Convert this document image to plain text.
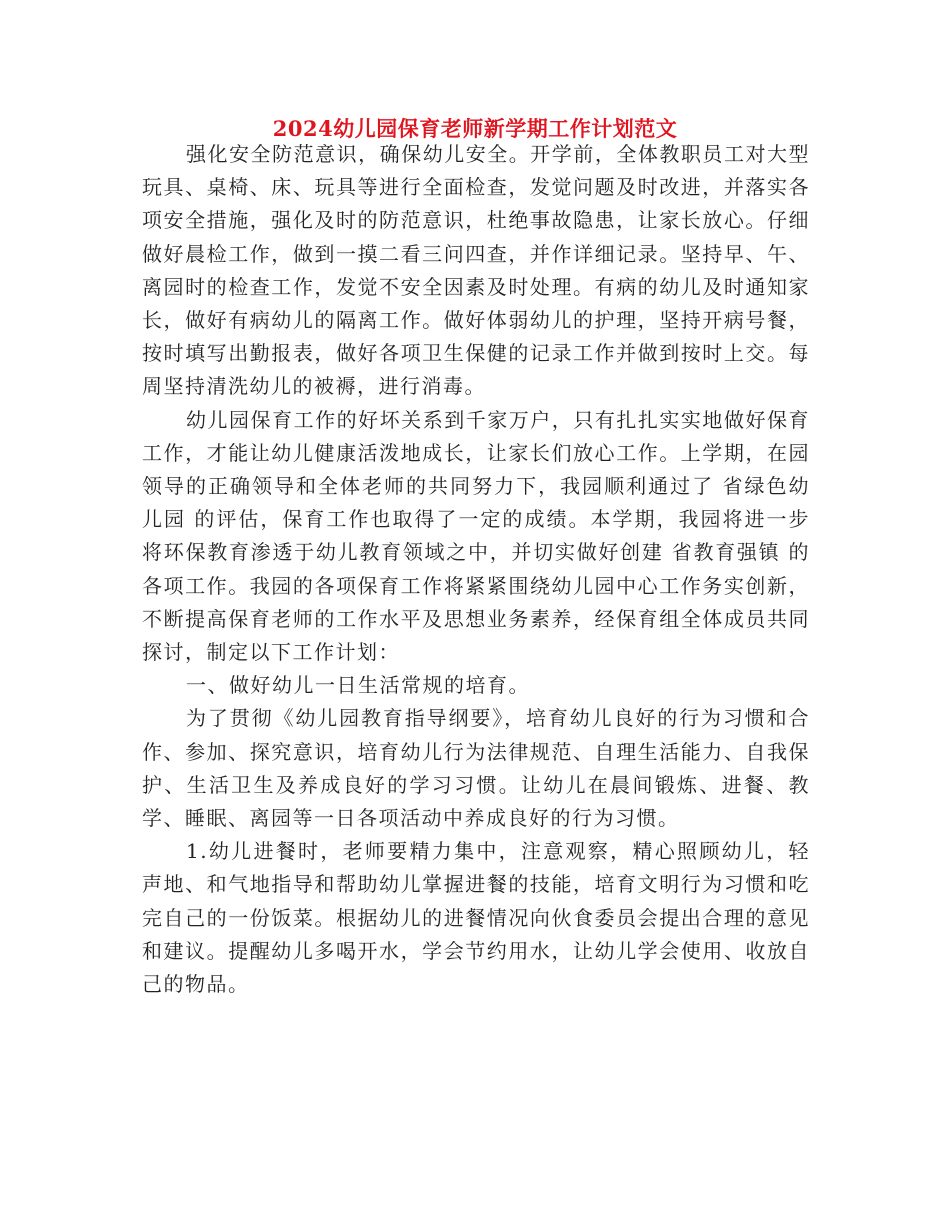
2024幼儿园保育老师新学期工作计划范文

强化安全防范意识，确保幼儿安全。开学前，全体教职员工对大型玩具、桌椅、床、玩具等进行全面检查，发觉问题及时改进，并落实各项安全措施，强化及时的防范意识，杜绝事故隐患，让家长放心。仔细做好晨检工作，做到一摸二看三问四查，并作详细记录。坚持早、午、离园时的检查工作，发觉不安全因素及时处理。有病的幼儿及时通知家长，做好有病幼儿的隔离工作。做好体弱幼儿的护理，坚持开病号餐，按时填写出勤报表，做好各项卫生保健的记录工作并做到按时上交。每周坚持清洗幼儿的被褥，进行消毒。

幼儿园保育工作的好坏关系到千家万户，只有扎扎实实地做好保育工作，才能让幼儿健康活泼地成长，让家长们放心工作。上学期，在园领导的正确领导和全体老师的共同努力下，我园顺利通过了 省绿色幼儿园 的评估，保育工作也取得了一定的成绩。本学期，我园将进一步将环保教育渗透于幼儿教育领域之中，并切实做好创建 省教育强镇 的各项工作。我园的各项保育工作将紧紧围绕幼儿园中心工作务实创新，不断提高保育老师的工作水平及思想业务素养，经保育组全体成员共同探讨，制定以下工作计划：

一、做好幼儿一日生活常规的培育。

为了贯彻《幼儿园教育指导纲要》，培育幼儿良好的行为习惯和合作、参加、探究意识，培育幼儿行为法律规范、自理生活能力、自我保护、生活卫生及养成良好的学习习惯。让幼儿在晨间锻炼、进餐、教学、睡眠、离园等一日各项活动中养成良好的行为习惯。

1.幼儿进餐时，老师要精力集中，注意观察，精心照顾幼儿，轻声地、和气地指导和帮助幼儿掌握进餐的技能，培育文明行为习惯和吃完自己的一份饭菜。根据幼儿的进餐情况向伙食委员会提出合理的意见和建议。提醒幼儿多喝开水，学会节约用水，让幼儿学会使用、收放自己的物品。
